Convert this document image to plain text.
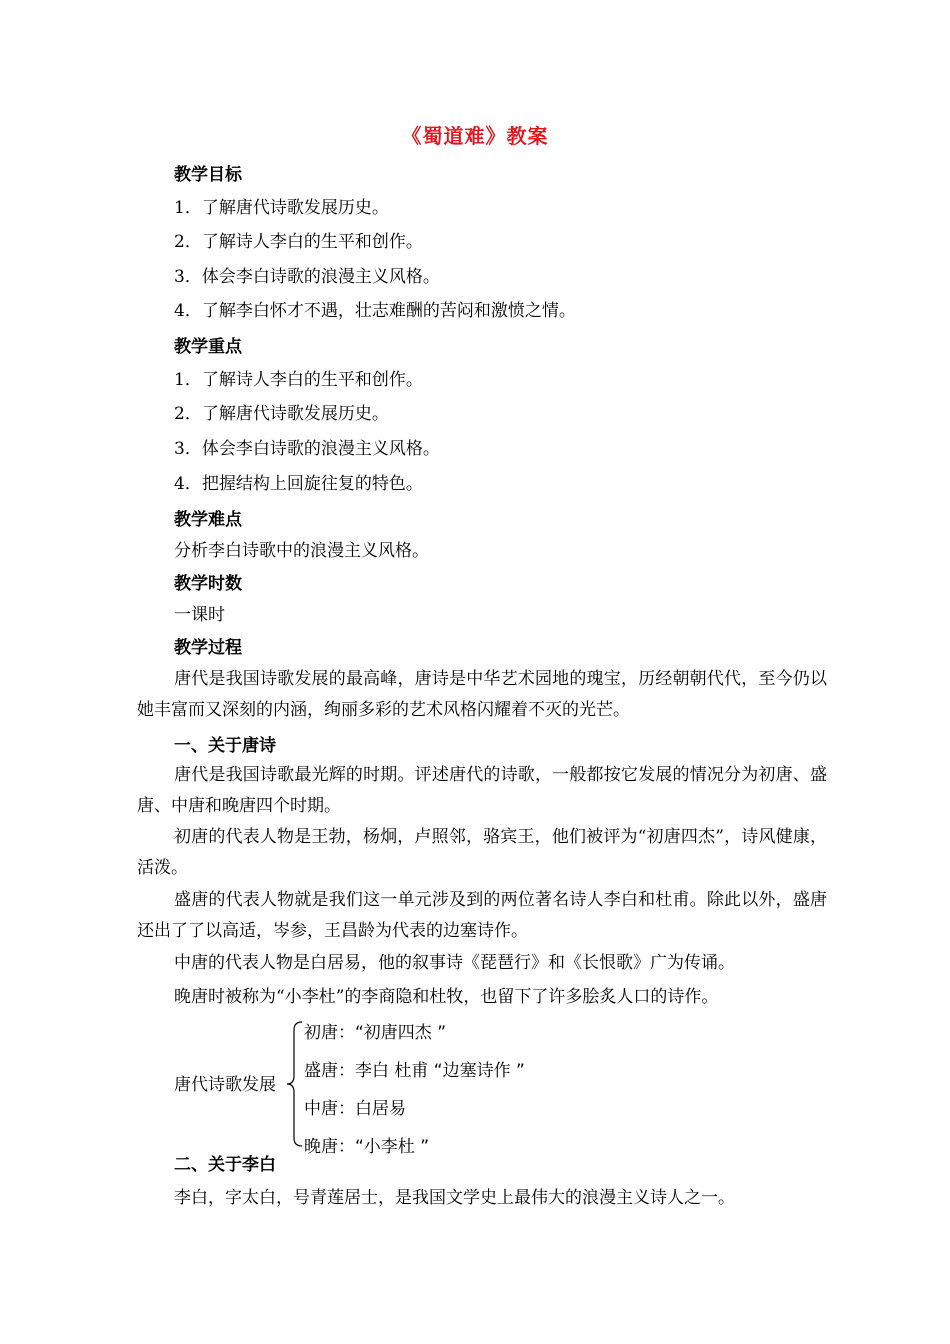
《蜀道难》教案
教学目标
1．了解唐代诗歌发展历史。
2．了解诗人李白的生平和创作。
3．体会李白诗歌的浪漫主义风格。
4．了解李白怀才不遇，壮志难酬的苦闷和激愤之情。
教学重点
1．了解诗人李白的生平和创作。
2．了解唐代诗歌发展历史。
3．体会李白诗歌的浪漫主义风格。
4．把握结构上回旋往复的特色。
教学难点
分析李白诗歌中的浪漫主义风格。
教学时数
一课时
教学过程
唐代是我国诗歌发展的最高峰，唐诗是中华艺术园地的瑰宝，历经朝朝代代，至今仍以她丰富而又深刻的内涵，绚丽多彩的艺术风格闪耀着不灭的光芒。
一、关于唐诗
唐代是我国诗歌最光辉的时期。评述唐代的诗歌，一般都按它发展的情况分为初唐、盛唐、中唐和晚唐四个时期。
初唐的代表人物是王勃，杨炯，卢照邻，骆宾王，他们被评为“初唐四杰”，诗风健康，活泼。
盛唐的代表人物就是我们这一单元涉及到的两位著名诗人李白和杜甫。除此以外，盛唐还出了了以高适，岑参，王昌龄为代表的边塞诗作。
中唐的代表人物是白居易，他的叙事诗《琵琶行》和《长恨歌》广为传诵。
晚唐时被称为“小李杜”的李商隐和杜牧，也留下了许多脍炙人口的诗作。
唐代诗歌发展
初唐：“初唐四杰 ”
盛唐：李白 杜甫 “边塞诗作 ”
中唐：白居易
晚唐：“小李杜 ”
二、关于李白
李白，字太白，号青莲居士，是我国文学史上最伟大的浪漫主义诗人之一。
